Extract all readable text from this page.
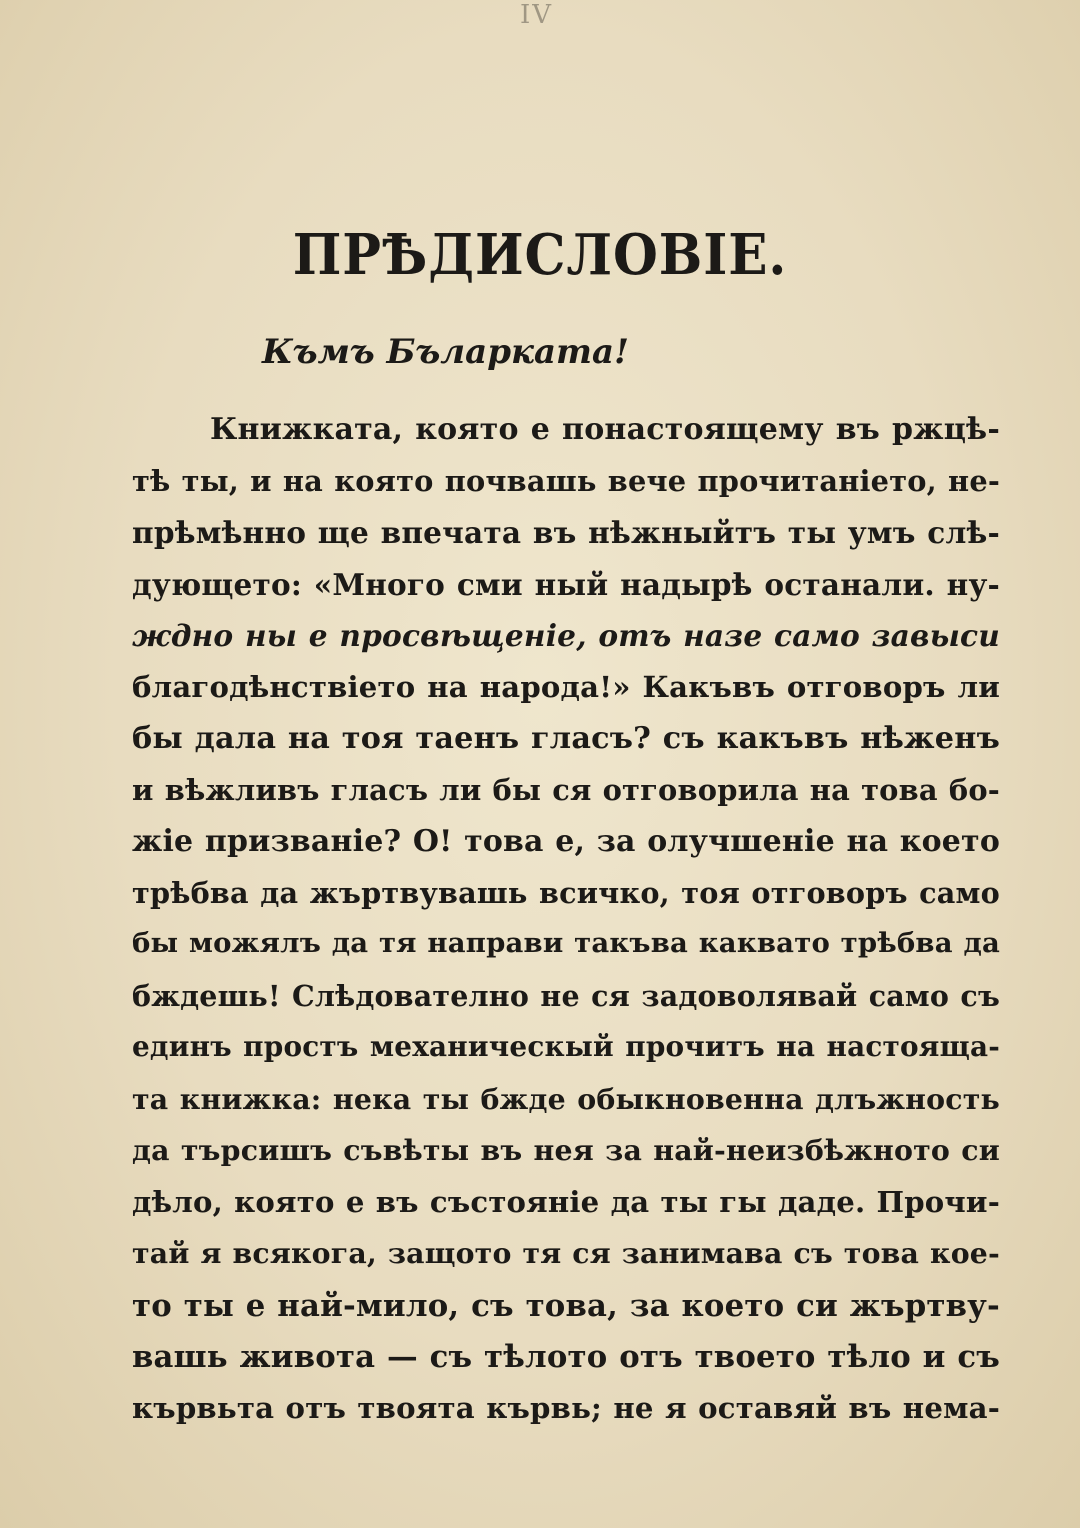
IV
ПРѢДИСЛОВІЕ.
Къмъ Бъларката!
Книжката, която е понастоящему въ ржцѣ-
тѣ ты, и на която почвашь вече прочитаніето, не-
прѣмѣнно ще впечата въ нѣжныйтъ ты умъ слѣ-
дующето: «Много сми ный надырѣ останали. ну-
ждно ны е просвѣщеніе, отъ назе само завыси
благодѣнствіето на народа!» Какъвъ отговоръ ли
бы дала на тоя таенъ гласъ? съ какъвъ нѣженъ
и вѣжливъ гласъ ли бы ся отговорила на това бо-
жіе призваніе? О! това е, за олучшеніе на което
трѣбва да жъртвувашь всичко, тоя отговоръ само
бы можялъ да тя направи такъва каквато трѣбва да
бждешь! Слѣдователно не ся задоволявай само съ
единъ простъ механическый прочитъ на настояща-
та книжка: нека ты бжде обыкновенна длъжность
да търсишъ съвѣты въ нея за най-неизбѣжното си
дѣло, която е въ състояніе да ты гы даде. Прочи-
тай я всякога, защото тя ся занимава съ това кое-
то ты е най-мило, съ това, за което си жъртву-
вашь живота — съ тѣлото отъ твоето тѣло и съ
кървьта отъ твоята кървь; не я оставяй въ нема-
